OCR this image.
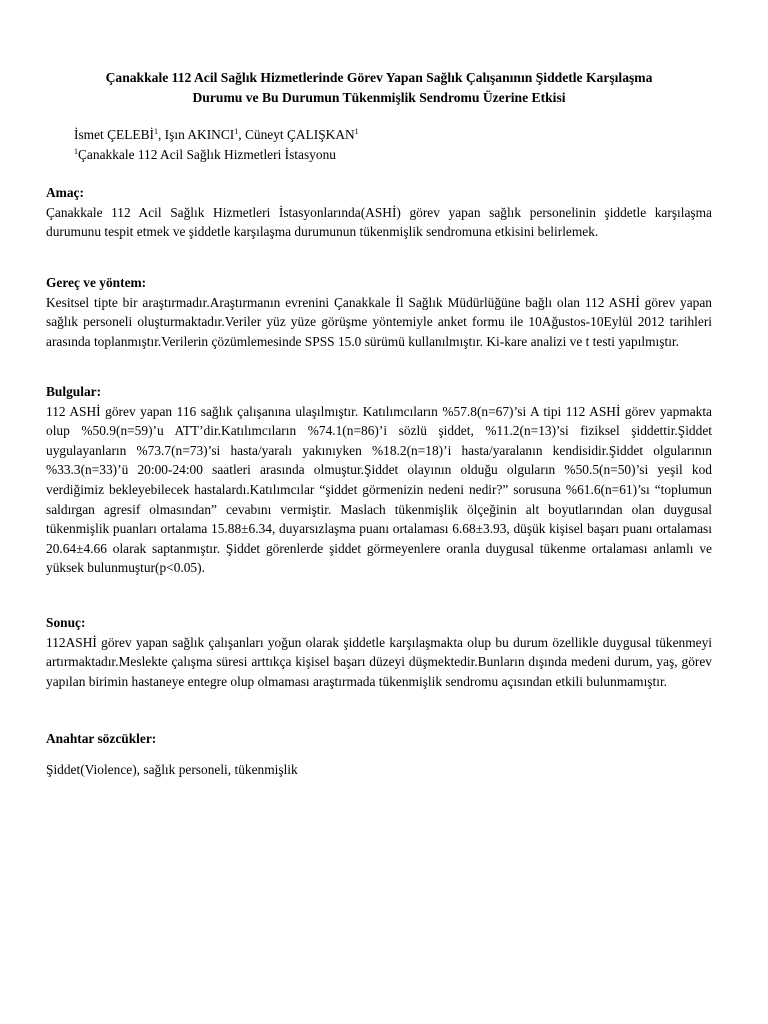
Çanakkale 112 Acil Sağlık Hizmetlerinde Görev Yapan Sağlık Çalışanının Şiddetle Karşılaşma
Durumu ve Bu Durumun Tükenmişlik Sendromu Üzerine Etkisi
İsmet ÇELEBİ$^1$, Işın AKINCI$^1$, Cüneyt ÇALIŞKAN$^1$
$^1$Çanakkale 112 Acil Sağlık Hizmetleri İstasyonu
Amaç:
Çanakkale 112 Acil Sağlık Hizmetleri İstasyonlarında(ASHİ) görev yapan sağlık personelinin şiddetle karşılaşma durumunu tespit etmek ve şiddetle karşılaşma durumunun tükenmişlik sendromuna etkisini belirlemek.
Gereç ve yöntem:
Kesitsel tipte bir araştırmadır.Araştırmanın evrenini Çanakkale İl Sağlık Müdürlüğüne bağlı olan 112 ASHİ görev yapan sağlık personeli oluşturmaktadır.Veriler yüz yüze görüşme yöntemiyle anket formu ile 10Ağustos-10Eylül 2012 tarihleri arasında toplanmıştır.Verilerin çözümlemesinde SPSS 15.0 sürümü kullanılmıştır. Ki-kare analizi ve t testi yapılmıştır.
Bulgular:
112 ASHİ görev yapan 116 sağlık çalışanına ulaşılmıştır. Katılımcıların %57.8(n=67)’si A tipi 112 ASHİ görev yapmakta olup %50.9(n=59)’u ATT’dir.Katılımcıların %74.1(n=86)’i sözlü şiddet, %11.2(n=13)’si fiziksel şiddettir.Şiddet uygulayanların %73.7(n=73)’si hasta/yaralı yakınıyken %18.2(n=18)’i hasta/yaralanın kendisidir.Şiddet olgularının %33.3(n=33)’ü 20:00-24:00 saatleri arasında olmuştur.Şiddet olayının olduğu olguların %50.5(n=50)’si yeşil kod verdiğimiz bekleyebilecek hastalardı.Katılımcılar “şiddet görmenizin nedeni nedir?” sorusuna %61.6(n=61)’sı “toplumun saldırgan agresif olmasından” cevabını vermiştir. Maslach tükenmişlik ölçeğinin alt boyutlarından olan duygusal tükenmişlik puanları ortalama 15.88±6.34, duyarsızlaşma puanı ortalaması 6.68±3.93, düşük kişisel başarı puanı ortalaması 20.64±4.66 olarak saptanmıştır. Şiddet görenlerde şiddet görmeyenlere oranla duygusal tükenme ortalaması anlamlı ve yüksek bulunmuştur(p<0.05).
Sonuç:
112ASHİ görev yapan sağlık çalışanları yoğun olarak şiddetle karşılaşmakta olup bu durum özellikle duygusal tükenmeyi artırmaktadır.Meslekte çalışma süresi arttıkça kişisel başarı düzeyi düşmektedir.Bunların dışında medeni durum, yaş, görev yapılan birimin hastaneye entegre olup olmaması araştırmada tükenmişlik sendromu açısından etkili bulunmamıştır.
Anahtar sözcükler:
Şiddet(Violence), sağlık personeli, tükenmişlik
